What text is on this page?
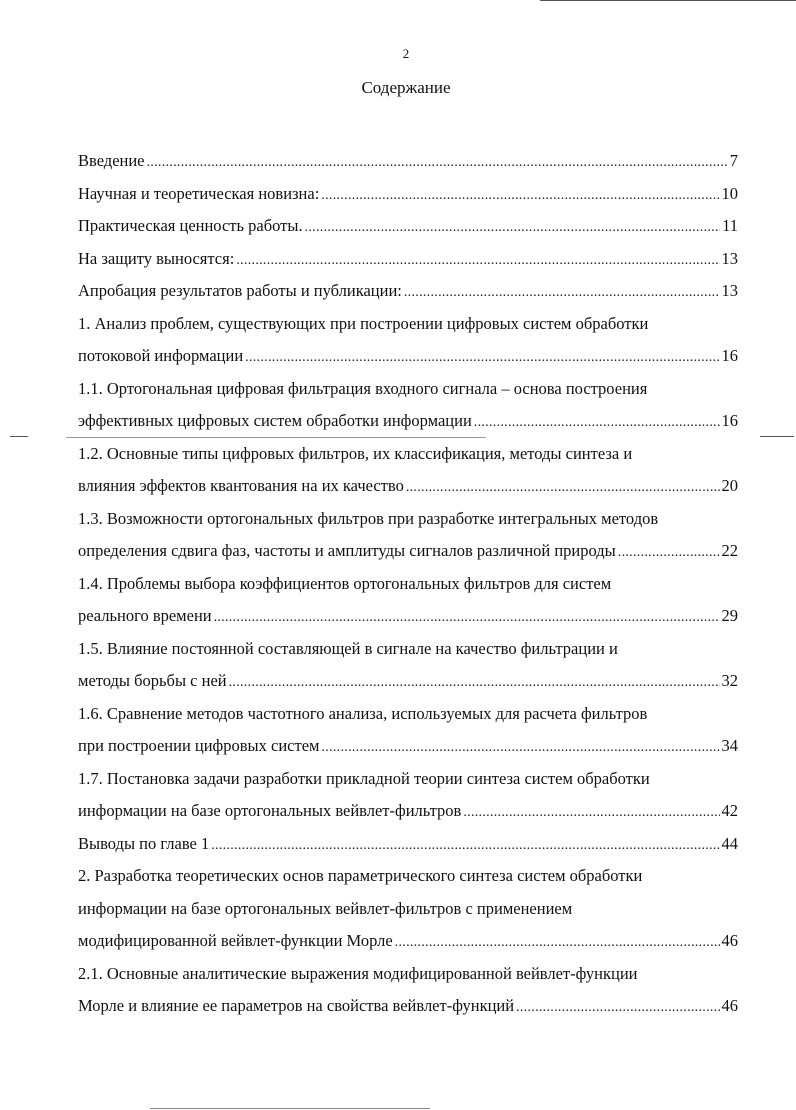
2
Содержание
Введение . . .	7
Научная и теоретическая новизна: . . .	10
Практическая ценность работы. . . .	11
На защиту выносятся: . . .	13
Апробация результатов работы и публикации: . . .	13
1. Анализ проблем, существующих при построении цифровых систем обработки
потоковой информации . . .	16
1.1. Ортогональная цифровая фильтрация входного сигнала – основа построения
эффективных цифровых систем обработки информации . . .	16
1.2. Основные типы цифровых фильтров, их классификация, методы синтеза и
влияния эффектов квантования на их качество . . .	20
1.3. Возможности ортогональных фильтров при разработке интегральных методов
определения сдвига фаз, частоты и амплитуды сигналов различной природы . . .	22
1.4. Проблемы выбора коэффициентов ортогональных фильтров для систем
реального времени . . .	29
1.5. Влияние постоянной составляющей в сигнале на качество фильтрации и
методы борьбы с ней . . .	32
1.6. Сравнение методов частотного анализа, используемых для расчета фильтров
при построении цифровых систем . . .	34
1.7. Постановка задачи разработки прикладной теории синтеза систем обработки
информации на базе ортогональных вейвлет-фильтров . . .	42
Выводы по главе 1 . . .	44
2. Разработка теоретических основ параметрического синтеза систем обработки
информации на базе ортогональных вейвлет-фильтров с применением
модифицированной вейвлет-функции Морле . . .	46
2.1. Основные аналитические выражения модифицированной вейвлет-функции
Морле и влияние ее параметров на свойства вейвлет-функций . . .	46
